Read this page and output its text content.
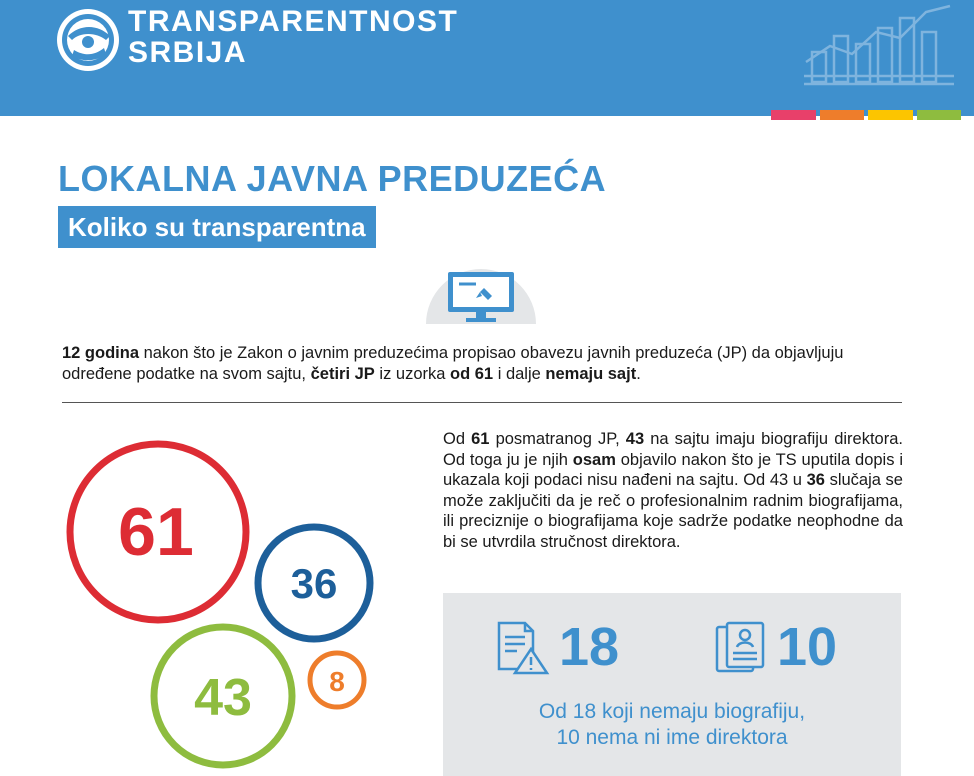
TRANSPARENTNOST
SRBIJA
LOKALNA JAVNA PREDUZEĆA
Koliko su transparentna

12 godina nakon što je Zakon o javnim preduzećima propisao obavezu javnih preduzeća (JP) da objavljuju određene podatke na svom sajtu, četiri JP iz uzorka od 61 i dalje nemaju sajt.

61
36
43	8

Od 61 posmatranog JP, 43 na sajtu imaju biografiju direktora. Od toga ju je njih osam objavilo nakon što je TS uputila dopis i ukazala koji podaci nisu nađeni na sajtu. Od 43 u 36 slučaja se može zaključiti da je reč o profesionalnim radnim biografijama, ili preciznije o biografijama koje sadrže podatke neophodne da bi se utvrdila stručnost direktora.

18	10
Od 18 koji nemaju biografiju,
10 nema ni ime direktora
